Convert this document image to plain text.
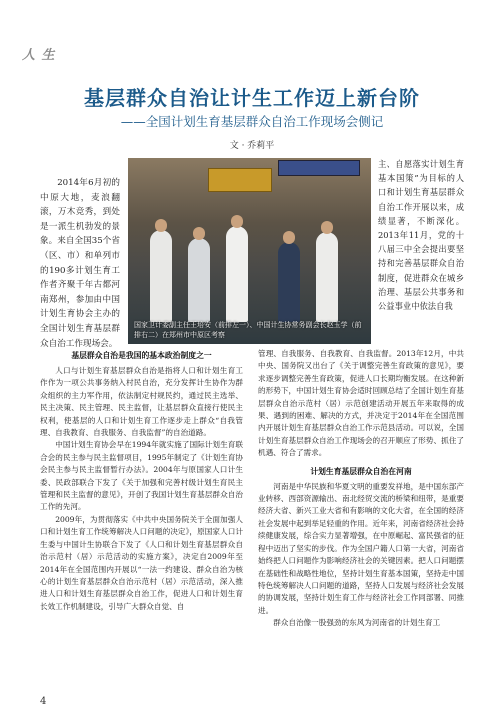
人 生
基层群众自治让计生工作迈上新台阶
——全国计划生育基层群众自治工作现场会侧记
文 · 乔莉平

2014年6月初的中原大地，麦浪翻滚，万木竞秀，到处是一派生机勃发的景象。来自全国35个省（区、市）和单列市的190多计划生育工作者齐聚千年古都河南郑州，参加由中国计划生育协会主办的全国计划生育基层群众自治工作现场会。

国家卫计委副主任王培安（前排左一）、中国计生协常务副会长赵玉学（前排右二）在郑州市中原区考察

主、自愿落实计划生育基本国策”为目标的人口和计划生育基层群众自治工作开展以来，成绩显著，不断深化。2013年11月，党的十八届三中全会提出要坚持和完善基层群众自治制度，促进群众在城乡治理、基层公共事务和公益事业中依法自我

基层群众自治是我国的基本政治制度之一

人口与计划生育基层群众自治是指将人口和计划生育工作作为一项公共事务纳入村民自治，充分发挥计生协作为群众组织的主力军作用，依法制定村规民约，通过民主选举、民主决策、民主管理、民主监督，让基层群众直接行使民主权利，使基层的人口和计划生育工作逐步走上群众“自我管理、自我教育、自我服务、自我监督”的自治道路。

中国计划生育协会早在1994年就实施了国际计划生育联合会的民主参与民主监督项目，1995年制定了《计划生育协会民主参与民主监督暂行办法》。2004年与原国家人口计生委、民政部联合下发了《关于加强和完善村级计划生育民主管理和民主监督的意见》，开创了我国计划生育基层群众自治工作的先河。

2009年，为贯彻落实《中共中央国务院关于全面加强人口和计划生育工作统筹解决人口问题的决定》，原国家人口计生委与中国计生协联合下发了《人口和计划生育基层群众自治示范村（居）示范活动的实施方案》，决定自2009年至2014年在全国范围内开展以“一法一约建设、群众自治为核心的计划生育基层群众自治示范村（居）示范活动，深入推进人口和计划生育基层群众自治工作，促进人口和计划生育长效工作机制建设，引导广大群众自觉、自

管理、自我服务、自我教育、自我监督。2013年12月，中共中央、国务院又出台了《关于调整完善生育政策的意见》，要求逐步调整完善生育政策，促进人口长期均衡发展。在这种新的形势下，中国计划生育协会适时回顾总结了全国计划生育基层群众自治示范村（居）示范创建活动开展五年来取得的成果、遇到的困难、解决的方式，并决定于2014年在全国范围内开展计划生育基层群众自治工作示范县活动。可以说，全国计划生育基层群众自治工作现场会的召开顺应了形势、抓住了机遇、符合了需求。

计划生育基层群众自治在河南

河南是中华民族和华夏文明的重要发祥地，是中国东部产业转移、西部资源输出、南北经贸交流的桥梁和纽带，是重要经济大省、新兴工业大省和有影响的文化大省，在全国的经济社会发展中起到举足轻重的作用。近年来，河南省经济社会持续健康发展，综合实力显著增强，在中原崛起、富民强省的征程中迈出了坚实的步伐。作为全国户籍人口第一大省，河南省始终把人口问题作为影响经济社会的关键因素。把人口问题摆在基础性和战略性地位，坚持计划生育基本国策，坚持走中国特色统筹解决人口问题的道路，坚持人口发展与经济社会发展的协调发展，坚持计划生育工作与经济社会工作同部署、同推进。

群众自治像一股强劲的东风为河南省的计划生育工

4
